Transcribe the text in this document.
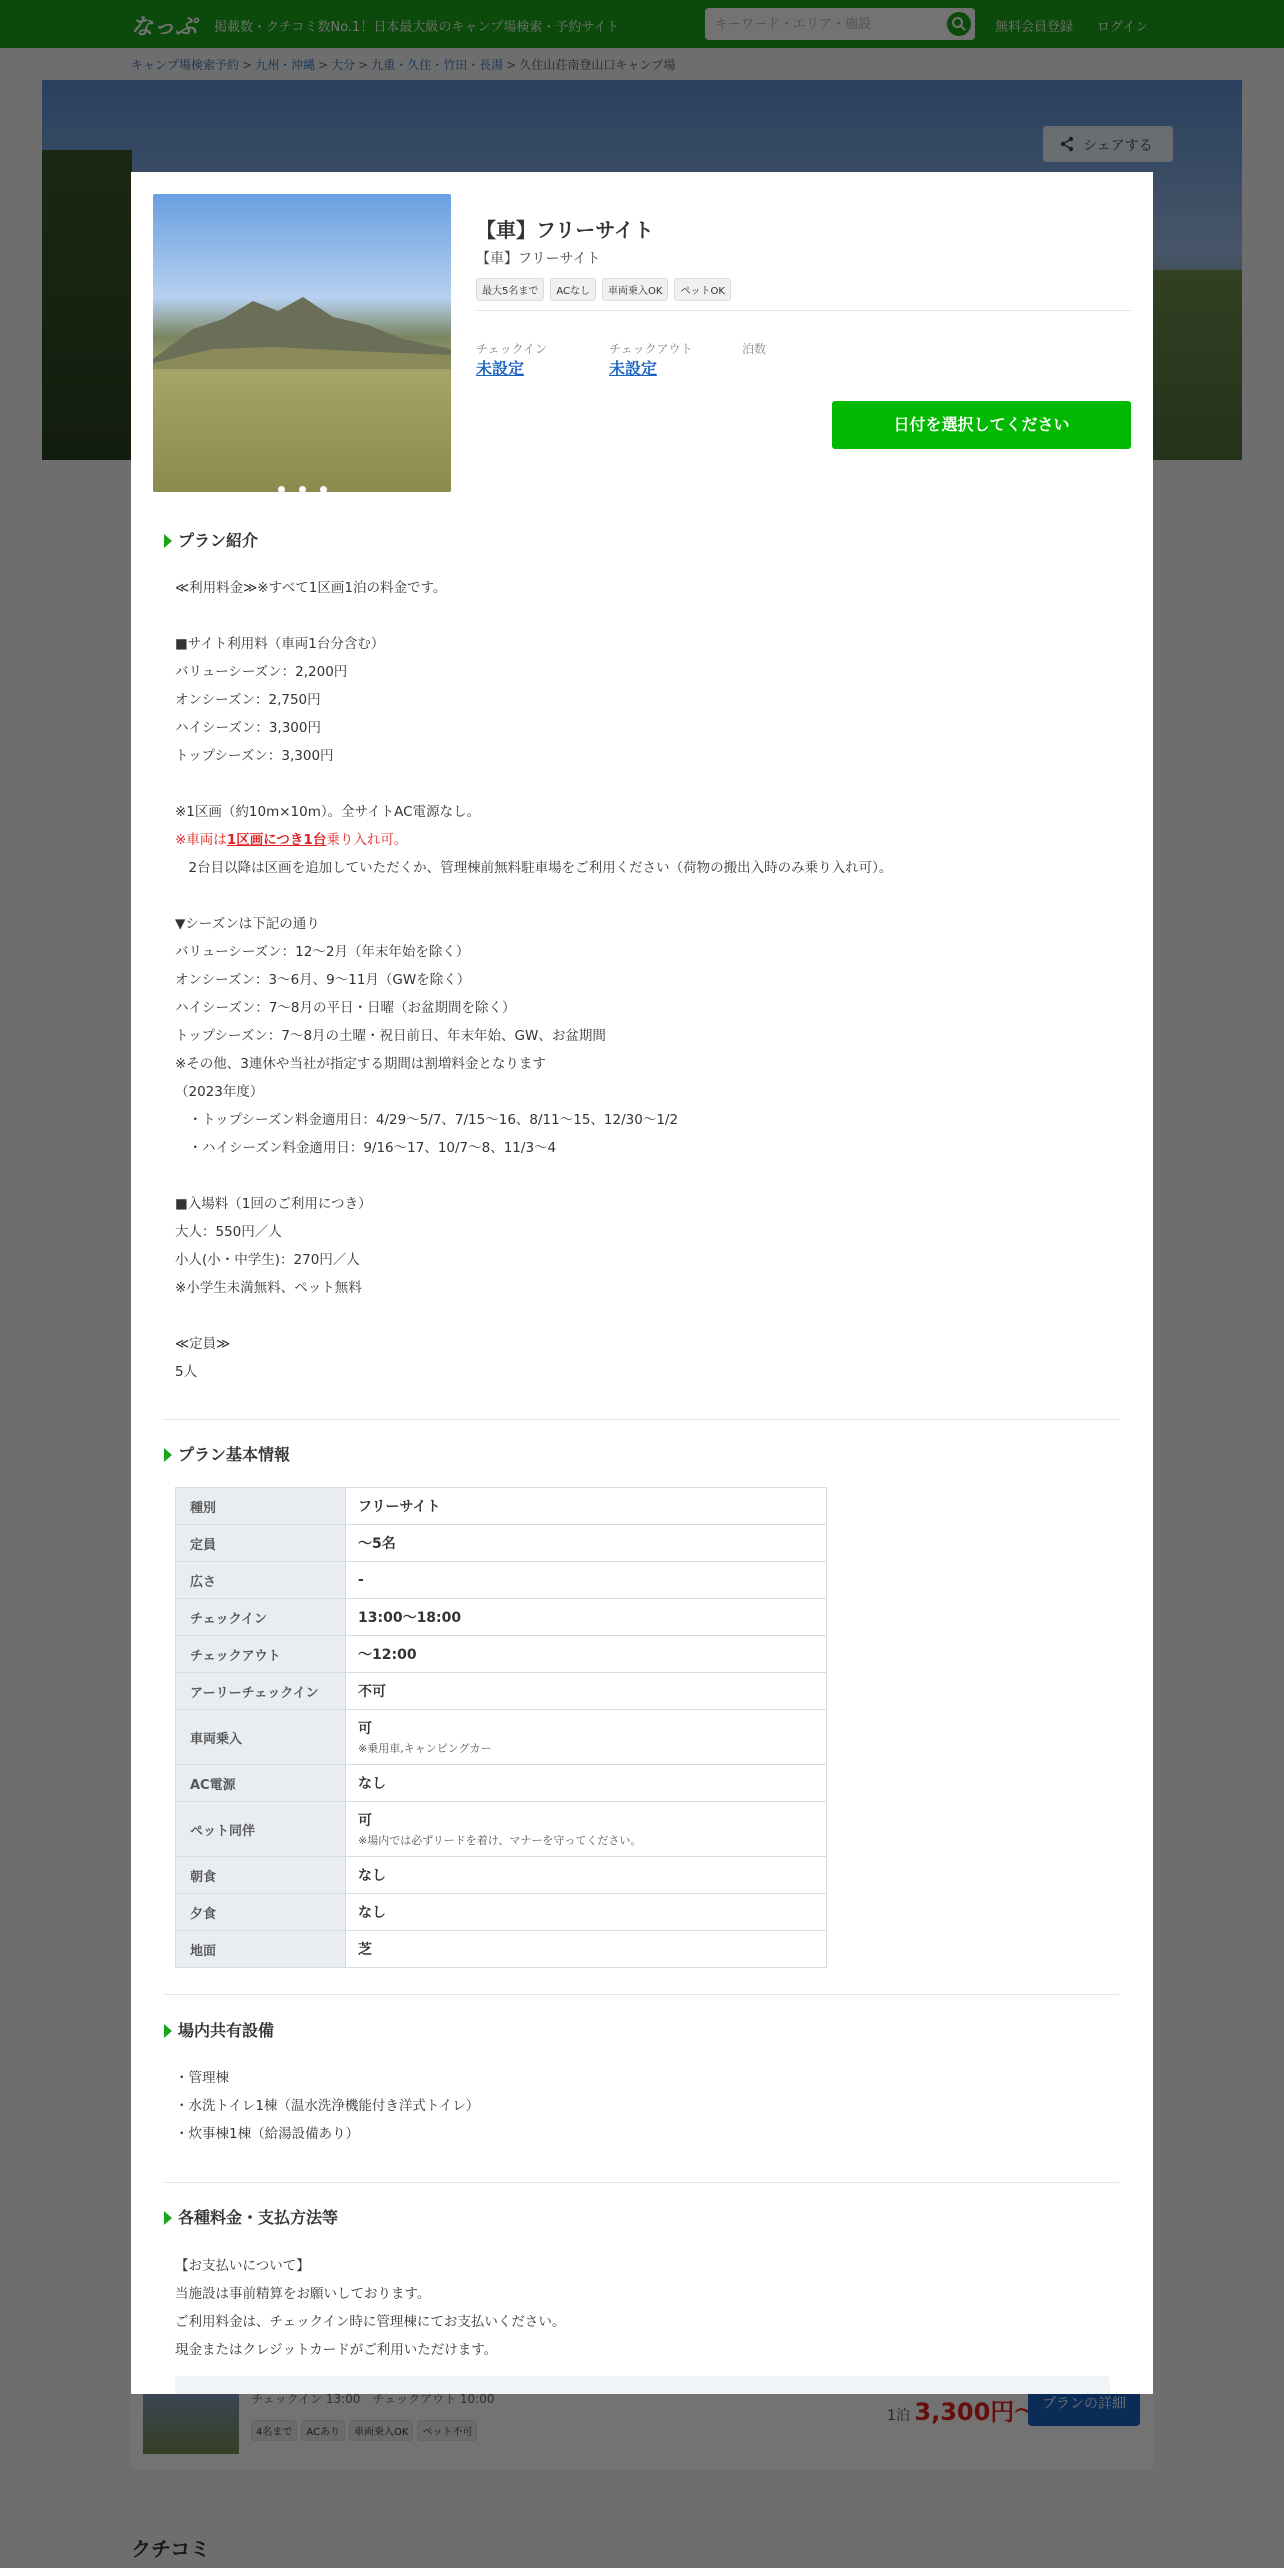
キーワード・エリア・施設
【車】フリーサイト
【車】フリーサイト
最大5名まで ACなし 車両乗入OK ペットOK
チェックイン
未設定
チェックアウト
未設定
泊数
日付を選択してください
プラン紹介
≪利用料金≫※すべて1区画1泊の料金です。
■サイト利用料（車両1台分含む）
バリューシーズン：2,200円
オンシーズン：2,750円
ハイシーズン：3,300円
トップシーズン：3,300円
※1区画（約10m×10m）。全サイトAC電源なし。
※車両は1区画につき1台乗り入れ可。
　2台目以降は区画を追加していただくか、管理棟前無料駐車場をご利用ください（荷物の搬出入時のみ乗り入れ可）。
▼シーズンは下記の通り
バリューシーズン：12～2月（年末年始を除く）
オンシーズン：3～6月、9～11月（GWを除く）
ハイシーズン：7～8月の平日・日曜（お盆期間を除く）
トップシーズン：7～8月の土曜・祝日前日、年末年始、GW、お盆期間
※その他、3連休や当社が指定する期間は割増料金となります
（2023年度）
　・トップシーズン料金適用日：4/29～5/7、7/15～16、8/11～15、12/30～1/2
　・ハイシーズン料金適用日：9/16～17、10/7～8、11/3～4
■入場料（1回のご利用につき）
大人：550円／人
小人(小・中学生)：270円／人
※小学生未満無料、ペット無料
≪定員≫
5人
プラン基本情報
種別	フリーサイト
定員	〜5名
広さ	-
チェックイン	13:00〜18:00
チェックアウト	〜12:00
アーリーチェックイン	不可
車両乗入	可
※乗用車,キャンピングカー

AC電源	なし
ペット同伴	可
※場内では必ずリードを着け、マナーを守ってください。

朝食	なし
夕食	なし
地面	芝
場内共有設備
・管理棟
・水洗トイレ1棟（温水洗浄機能付き洋式トイレ）
・炊事棟1棟（給湯設備あり）
各種料金・支払方法等
【お支払いについて】
当施設は事前精算をお願いしております。
ご利用料金は、チェックイン時に管理棟にてお支払いください。
現金またはクレジットカードがご利用いただけます。
